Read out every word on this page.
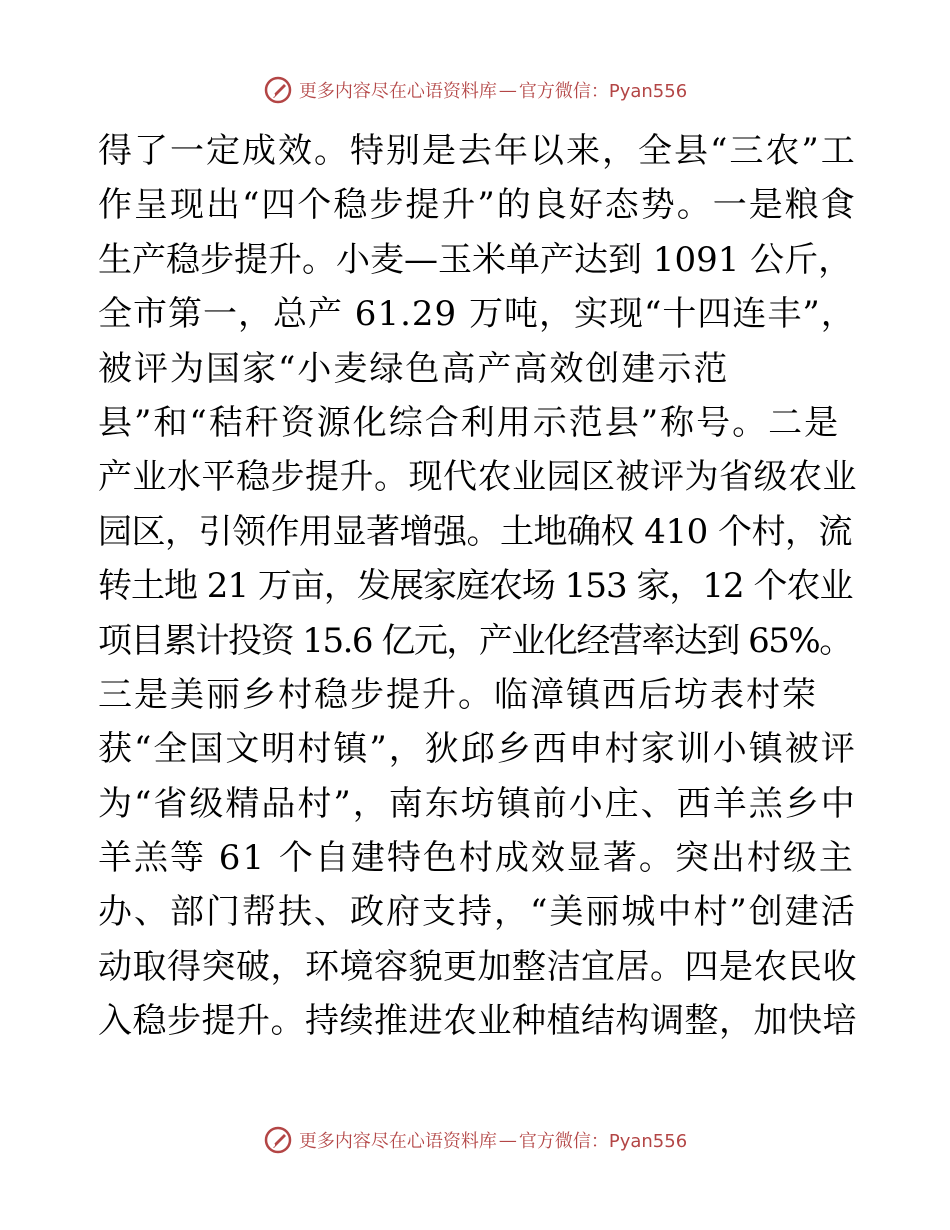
更多内容尽在心语资料库 — 官方微信：Pyan556
得了一定成效。特别是去年以来，全县“三农”工
作呈现出“四个稳步提升”的良好态势。一是粮食
生产稳步提升。小麦—玉米单产达到 1091 公斤，
全市第一，总产 61.29 万吨，实现“十四连丰”，
被评为国家“小麦绿色高产高效创建示范
县”和“秸秆资源化综合利用示范县”称号。二是
产业水平稳步提升。现代农业园区被评为省级农业
园区，引领作用显著增强。土地确权 410 个村，流
转土地 21 万亩，发展家庭农场 153 家，12 个农业
项目累计投资 15.6 亿元，产业化经营率达到 65%。
三是美丽乡村稳步提升。临漳镇西后坊表村荣
获“全国文明村镇”，狄邱乡西申村家训小镇被评
为“省级精品村”，南东坊镇前小庄、西羊羔乡中
羊羔等 61 个自建特色村成效显著。突出村级主
办、部门帮扶、政府支持，“美丽城中村”创建活
动取得突破，环境容貌更加整洁宜居。四是农民收
入稳步提升。持续推进农业种植结构调整，加快培
更多内容尽在心语资料库 — 官方微信：Pyan556
